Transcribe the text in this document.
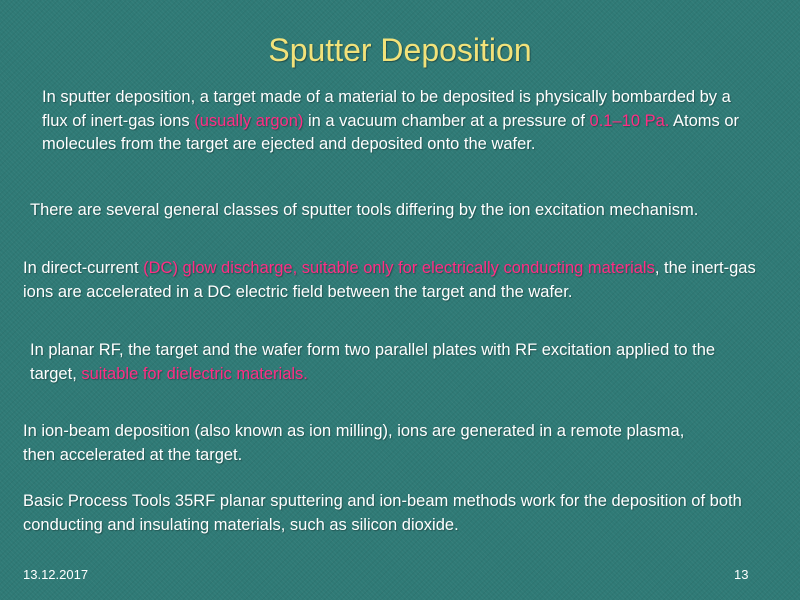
Sputter Deposition
In sputter deposition, a target made of a material to be deposited is physically bombarded by a flux of inert-gas ions (usually argon) in a vacuum chamber at a pressure of 0.1–10 Pa. Atoms or molecules from the target are ejected and deposited onto the wafer.
There are several general classes of sputter tools differing by the ion excitation mechanism.
In direct-current (DC) glow discharge, suitable only for electrically conducting materials, the inert-gas ions are accelerated in a DC electric field between the target and the wafer.
In planar RF, the target and the wafer form two parallel plates with RF excitation applied to the target, suitable for dielectric materials.
In ion-beam deposition (also known as ion milling), ions are generated in a remote plasma, then accelerated at the target.
Basic Process Tools 35RF planar sputtering and ion-beam methods work for the deposition of both conducting and insulating materials, such as silicon dioxide.
13.12.2017	13
